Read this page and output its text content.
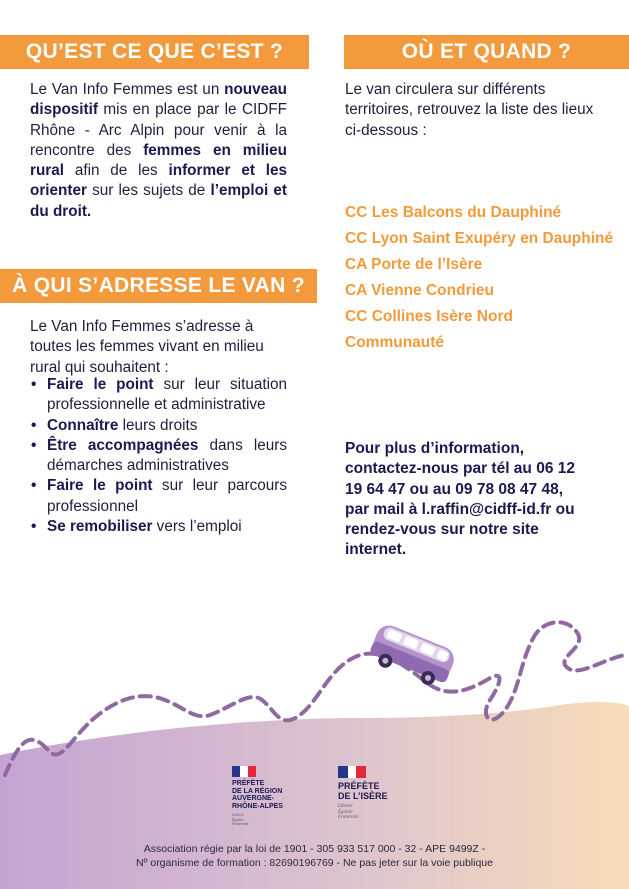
QU’EST CE QUE C’EST ?	OÙ ET QUAND ?
À QUI S’ADRESSE LE VAN ?
Le Van Info Femmes est un nouveau dispositif mis en place par le CIDFF Rhône - Arc Alpin pour venir à la rencontre des femmes en milieu rural afin de les informer et les orienter sur les sujets de l’emploi et du droit.
Le van circulera sur différents territoires, retrouvez la liste des lieux ci-dessous :
CC Les Balcons du Dauphiné
CC Lyon Saint Exupéry en Dauphiné
CA Porte de l’Isère
CA Vienne Condrieu
CC Collines Isère Nord Communauté
Le Van Info Femmes s’adresse à toutes les femmes vivant en milieu rural qui souhaitent :
• Faire le point sur leur situation professionnelle et administrative
• Connaître leurs droits
• Être accompagnées dans leurs démarches administratives
• Faire le point sur leur parcours professionnel
• Se remobiliser vers l’emploi
Pour plus d’information, contactez-nous par tél au 06 12 19 64 47 ou au 09 78 08 47 48, par mail à l.raffin@cidff-id.fr ou rendez-vous sur notre site internet.
PRÉFÈTE
DE LA RÉGION
AUVERGNE-
RHÔNE-ALPES
Liberté
Égalité
Fraternité
PRÉFÈTE
DE L’ISÈRE
Liberté
Égalité
Fraternité
Association régie par la loi de 1901 - 305 933 517 000 - 32 - APE 9499Z -
Nº organisme de formation : 82690196769 - Ne pas jeter sur la voie publique
